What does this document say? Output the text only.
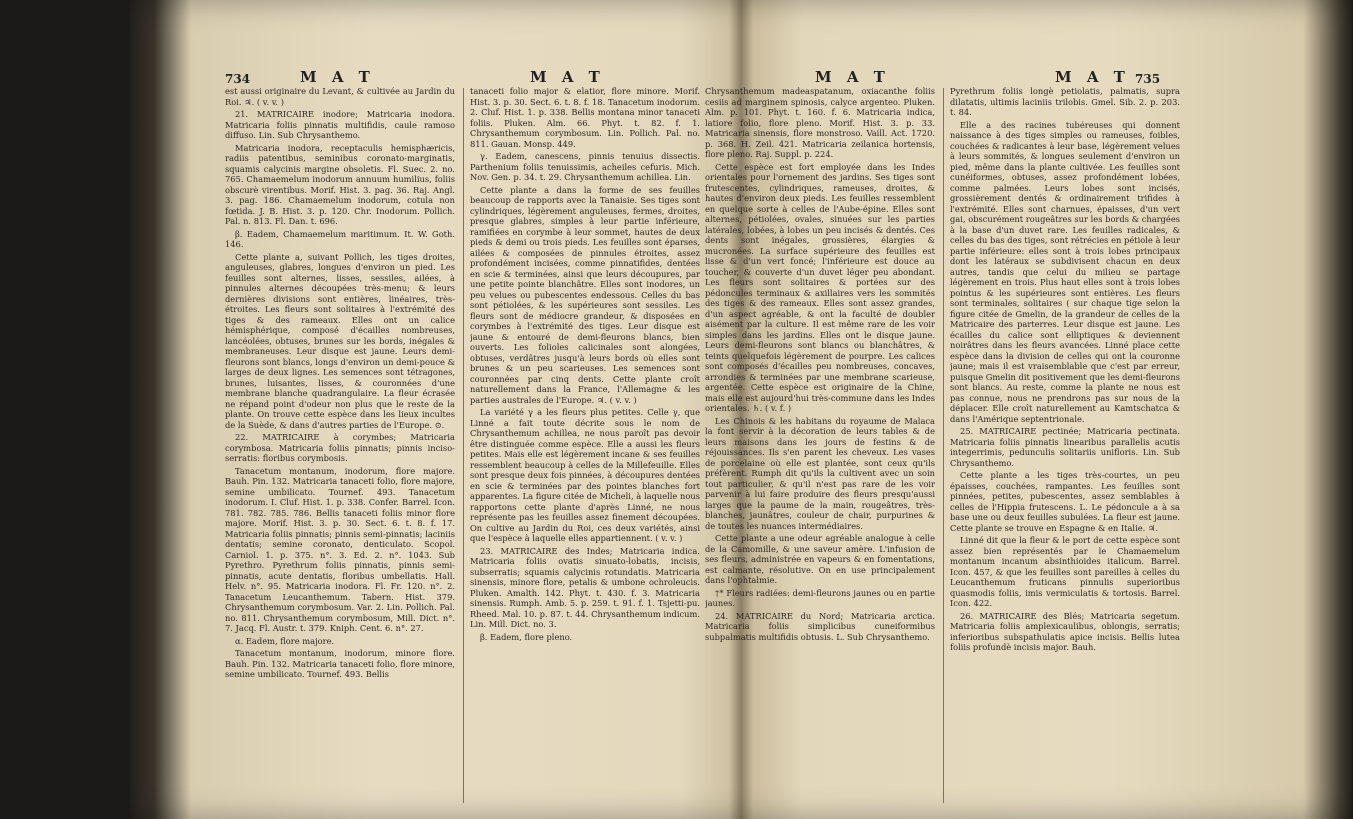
734	M A T	M A T

est aussi originaire du Levant, & cultivée au Jardin du Roi. ♃. ( v. v. )

21. MATRICAIRE inodore; Matricaria inodora. Matricaria foliis pinnatis multifidis, caule ramoso diffuso. Lin. Sub Chrysanthemo.

Matricaria inodora, receptaculis hemisphæricis, radiis patentibus, seminibus coronato-marginatis, squamis calycinis margine obsoletis. Fl. Suec. 2. no. 765. Chamaemelum inodorum annuum humilius, foliis obscurè virentibus. Morif. Hist. 3. pag. 36. Raj. Angl. 3. pag. 186. Chamaemelum inodorum, cotula non fœtida. J. B. Hist. 3. p. 120. Chr. Inodorum. Pollich. Pal. n. 813. Fl. Dan. t. 696.

β. Eadem, Chamaemelum maritimum. It. W. Goth. 146.

Cette plante a, suivant Pollich, les tiges droites, anguleuses, glabres, longues d'environ un pied. Les feuilles sont alternes, lisses, sessiles, ailées, à pinnules alternes découpées très-menu; & leurs dernières divisions sont entières, linéaires, très-étroites. Les fleurs sont solitaires à l'extrémité des tiges & des rameaux. Elles ont un calice hémisphérique, composé d'écailles nombreuses, lancéolées, obtuses, brunes sur les bords, inégales & membraneuses. Leur disque est jaune. Leurs demi-fleurons sont blancs, longs d'environ un demi-pouce & larges de deux lignes. Les semences sont tétragones, brunes, luisantes, lisses, & couronnées d'une membrane blanche quadrangulaire. La fleur écrasée ne répand point d'odeur non plus que le reste de la plante. On trouve cette espèce dans les lieux incultes de la Suède, & dans d'autres parties de l'Europe. ⊙.

22. MATRICAIRE à corymbes; Matricaria corymbosa. Matricaria foliis pinnatis; pinnis inciso-serratis: floribus corymbosis.

Tanacetum montanum, inodorum, flore majore. Bauh. Pin. 132. Matricaria tanaceti folio, flore majore, semine umbilicato. Tournef. 493. Tanacetum inodorum. I. Cluf. Hist. 1. p. 338. Confer. Barrel. Icon. 781. 782. 785. 786. Bellis tanaceti foliis minor flore majore. Morif. Hist. 3. p. 30. Sect. 6. t. 8. f. 17. Matricaria foliis pinnatis; pinnis semi-pinnatis; laciniis dentatis; semine coronato, denticulato. Scopol. Carniol. 1. p. 375. n°. 3. Ed. 2. n°. 1043. Sub Pyrethro. Pyrethrum foliis pinnatis, pinnis semi-pinnatis, acute dentatis, floribus umbellatis. Hall. Helv. n°. 95. Matricaria inodora. Fl. Fr. 120. n°. 2. Tanacetum Leucanthemum. Tabern. Hist. 379. Chrysanthemum corymbosum. Var. 2. Lin. Pollich. Pal. no. 811. Chrysanthemum corymbosum, Mill. Dict. n°. 7. Jacq. Fl. Austr. t. 379. Kniph. Cent. 6. n°. 27.

α. Eadem, flore majore.

Tanacetum montanum, inodorum, minore flore. Bauh. Pin. 132. Matricaria tanaceti folio, flore minore, semine umbilicato. Tournef. 493. Bellis

tanaceti folio major & elatior, flore minore. Morif. Hist. 3. p. 30. Sect. 6. t. 8. f. 18. Tanacetum inodorum. 2. Cluf. Hist. 1. p. 338. Bellis montana minor tanaceti foliis. Pluken. Alm. 66. Phyt. t. 82. f. 1. Chrysanthemum corymbosum. Lin. Pollich. Pal. no. 811. Gauan. Monsp. 449.

γ. Eadem, canescens, pinnis tenuius dissectis. Parthenium foliis tenuissimis, acheiles cefuris. Mich. Nov. Gen. p. 34. t. 29. Chrysanthemum achillea. Lin.

Cette plante a dans la forme de ses feuilles beaucoup de rapports avec la Tanaisie. Ses tiges sont cylindriques, légèrement anguleuses, fermes, droites, presque glabres, simples à leur partie inférieure, ramifiées en corymbe à leur sommet, hautes de deux pieds & demi ou trois pieds. Les feuilles sont éparses, ailées & composées de pinnules étroites, assez profondément incisées, comme pinnatifides, dentées en scie & terminées, ainsi que leurs découpures, par une petite pointe blanchâtre. Elles sont inodores, un peu velues ou pubescentes endessous. Celles du bas sont pétiolées, & les supérieures sont sessiles. Les fleurs sont de médiocre grandeur, & disposées en corymbes à l'extrémité des tiges. Leur disque est jaune & entouré de demi-fleurons blancs, bien ouverts. Les folioles calicinales sont alongées, obtuses, verdâtres jusqu'à leurs bords où elles sont brunes & un peu scarieuses. Les semences sont couronnées par cinq dents. Cette plante croît naturellement dans la France, l'Allemagne & les parties australes de l'Europe. ♃. ( v. v. )

La variété γ a les fleurs plus petites. Celle γ, que Linné a fait toute décrite sous le nom de Chrysanthemum achillea, ne nous paroît pas devoir être distinguée comme espèce. Elle a aussi les fleurs petites. Mais elle est légèrement incane & ses feuilles ressemblent beaucoup à celles de la Millefeuille. Elles sont presque deux fois pinnées, à découpures dentées en scie & terminées par des pointes blanches fort apparentes. La figure citée de Micheli, à laquelle nous rapportons cette plante d'après Linné, ne nous représente pas les feuilles assez finement découpées. On cultive au Jardin du Roi, ces deux variétés, ainsi que l'espèce à laquelle elles appartiennent. ( v. v. )

23. MATRICAIRE des Indes; Matricaria indica. Matricaria foliis ovatis sinuato-lobatis, incisis, subserratis; squamis calycinis rotundatis. Matricaria sinensis, minore flore, petalis & umbone ochroleucis. Pluken. Amalth. 142. Phyt. t. 430. f. 3. Matricaria sinensis. Rumph. Amb. 5. p. 259. t. 91. f. 1. Tsjetti-pu. Rheed. Mal. 10. p. 87. t. 44. Chrysanthemum indicum. Lin. Mill. Dict. no. 3.

β. Eadem, flore pleno.

M A T	M A T 735

Chrysanthemum madeaspatanum, oxiacanthe foliis cesiis ad marginem spinosis, calyce argenteo. Pluken. Alm. p. 101. Phyt. t. 160. f. 6. Matricaria indica, latiore folio, flore pleno. Morif. Hist. 3. p. 33. Matricaria sinensis, flore monstroso. Vaill. Act. 1720. p. 368. H. Zeil. 421. Matricaria zeilanica hortensis, flore pleno. Raj. Suppl. p. 224.

Cette espèce est fort employée dans les Indes orientales pour l'ornement des jardins. Ses tiges sont frutescentes, cylindriques, rameuses, droites, & hautes d'environ deux pieds. Les feuilles ressemblent en quelque sorte à celles de l'Aube-épine. Elles sont alternes, pétiolées, ovales, sinuées sur les parties latérales, lobées, à lobes un peu incisés & dentés. Ces dents sont inégales, grossières, élargies & mucronées. La surface supérieure des feuilles est lisse & d'un vert foncé; l'inférieure est douce au toucher, & couverte d'un duvet léger peu abondant. Les fleurs sont solitaires & portées sur des pédoncules terminaux & axillaires vers les sommités des tiges & des rameaux. Elles sont assez grandes, d'un aspect agréable, & ont la faculté de doubler aisément par la culture. Il est même rare de les voir simples dans les jardins. Elles ont le disque jaune. Leurs demi-fleurons sont blancs ou blanchâtres, & teints quelquefois légèrement de pourpre. Les calices sont composés d'écailles peu nombreuses, concaves, arrondies & terminées par une membrane scarieuse, argentée. Cette espèce est originaire de la Chine, mais elle est aujourd'hui très-commune dans les Indes orientales. ♄. ( v. f. )

Les Chinois & les habitans du royaume de Malaca la font servir à la décoration de leurs tables & de leurs maisons dans les jours de festins & de réjouissances. Ils s'en parent les cheveux. Les vases de porcelaine où elle est plantée, sont ceux qu'ils préfèrent. Rumph dit qu'ils la cultivent avec un soin tout particulier, & qu'il n'est pas rare de les voir parvenir à lui faire produire des fleurs presqu'aussi larges que la paume de la main, rougeâtres, très-blanches, jaunâtres, couleur de chair, purpurines & de toutes les nuances intermédiaires.

Cette plante a une odeur agréable analogue à celle de la Camomille, & une saveur amère. L'infusion de ses fleurs, administrée en vapeurs & en fomentations, est calmante, résolutive. On en use principalement dans l'ophtalmie.

†* Fleurs radiées: demi-fleurons jaunes ou en partie jaunes.

24. MATRICAIRE du Nord; Matricaria arctica. Matricaria foliis simplicibus cuneiformibus subpalmatis multifidis obtusis. L. Sub Chrysanthemo.

Pyrethrum foliis longè petiolatis, palmatis, supra dilatatis, ultimis laciniis trilobis. Gmel. Sib. 2. p. 203. t. 84.

Elle a des racines tubéreuses qui donnent naissance à des tiges simples ou rameuses, foibles, couchées & radicantes à leur base, légèrement velues à leurs sommités, & longues seulement d'environ un pied, même dans la plante cultivée. Les feuilles sont cunéiformes, obtuses, assez profondément lobées, comme palmées. Leurs lobes sont incisés, grossièrement dentés & ordinairement trifides à l'extrémité. Elles sont charnues, épaisses, d'un vert gai, obscurément rougeâtres sur les bords & chargées à la base d'un duvet rare. Les feuilles radicales, & celles du bas des tiges, sont rétrécies en pétiole à leur partie inférieure: elles sont à trois lobes principaux dont les latéraux se subdivisent chacun en deux autres, tandis que celui du milieu se partage légèrement en trois. Plus haut elles sont à trois lobes pointus & les supérieures sont entières. Les fleurs sont terminales, solitaires ( sur chaque tige selon la figure citée de Gmelin, de la grandeur de celles de la Matricaire des parterres. Leur disque est jaune. Les écailles du calice sont elliptiques & deviennent noirâtres dans les fleurs avancées. Linné place cette espèce dans la division de celles qui ont la couronne jaune; mais il est vraisemblable que c'est par erreur, puisque Gmelin dit positivement que les demi-fleurons sont blancs. Au reste, comme la plante ne nous est pas connue, nous ne prendrons pas sur nous de la déplacer. Elle croît naturellement au Kamtschatca & dans l'Amérique septentrionale.

25. MATRICAIRE pectinée; Matricaria pectinata. Matricaria foliis pinnatis linearibus parallelis acutis integerrimis, pedunculis solitariis unifloris. Lin. Sub Chrysanthemo.

Cette plante a les tiges très-courtes, un peu épaisses, couchées, rampantes. Les feuilles sont pinnées, petites, pubescentes, assez semblables à celles de l'Hippia frutescens. L. Le pédoncule a à sa base une ou deux feuilles subulées. La fleur est jaune. Cette plante se trouve en Espagne & en Italie. ♃.

Linné dit que la fleur & le port de cette espèce sont assez bien représentés par le Chamaemelum montanum incanum absinthioides italicum. Barrel. Icon. 457, & que les feuilles sont pareilles à celles du Leucanthemum fruticans pinnulis superioribus quasmodis foliis, imis vermiculatis & tortosis. Barrel. Icon. 422.

26. MATRICAIRE des Blés; Matricaria segetum. Matricaria foliis amplexicaulibus, oblongis, serratis; inferioribus subspathulatis apice incisis. Bellis lutea foliis profundè incisis major. Bauh.
